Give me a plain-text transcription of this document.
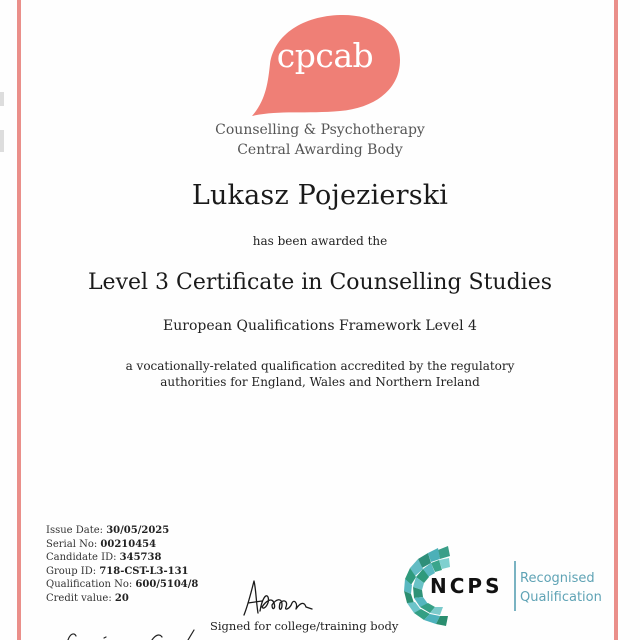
cpcab
Counselling & Psychotherapy
Central Awarding Body
Lukasz Pojezierski
has been awarded the
Level 3 Certificate in Counselling Studies
European Qualifications Framework Level 4
a vocationally-related qualification accredited by the regulatory
authorities for England, Wales and Northern Ireland
Issue Date: 30/05/2025
Serial No: 00210454
Candidate ID: 345738
Group ID: 718-CST-L3-131
Qualification No: 600/5104/8
Credit value: 20
Signed for college/training body
NCPS Recognised
Qualification
